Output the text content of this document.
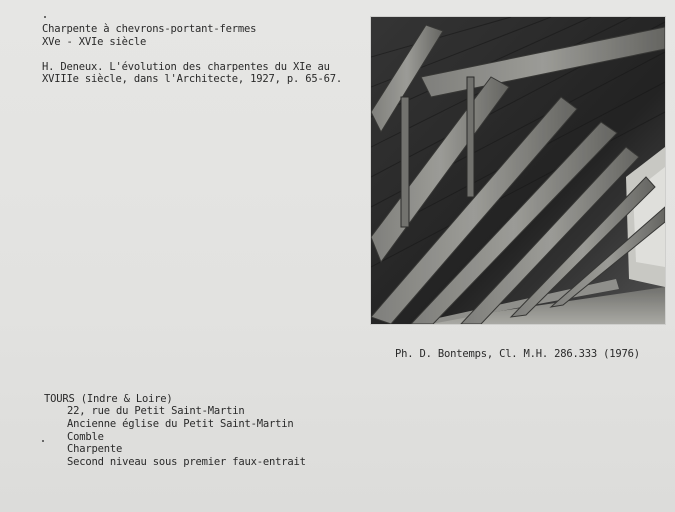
Charpente à chevrons-portant-fermes
XVe - XVIe siècle
H. Deneux. L'évolution des charpentes du XIe au
XVIIIe siècle, dans l'Architecte, 1927, p. 65-67.
Ph. D. Bontemps, Cl. M.H. 286.333 (1976)
TOURS (Indre & Loire)
22, rue du Petit Saint-Martin
Ancienne église du Petit Saint-Martin
Comble
Charpente
Second niveau sous premier faux-entrait
